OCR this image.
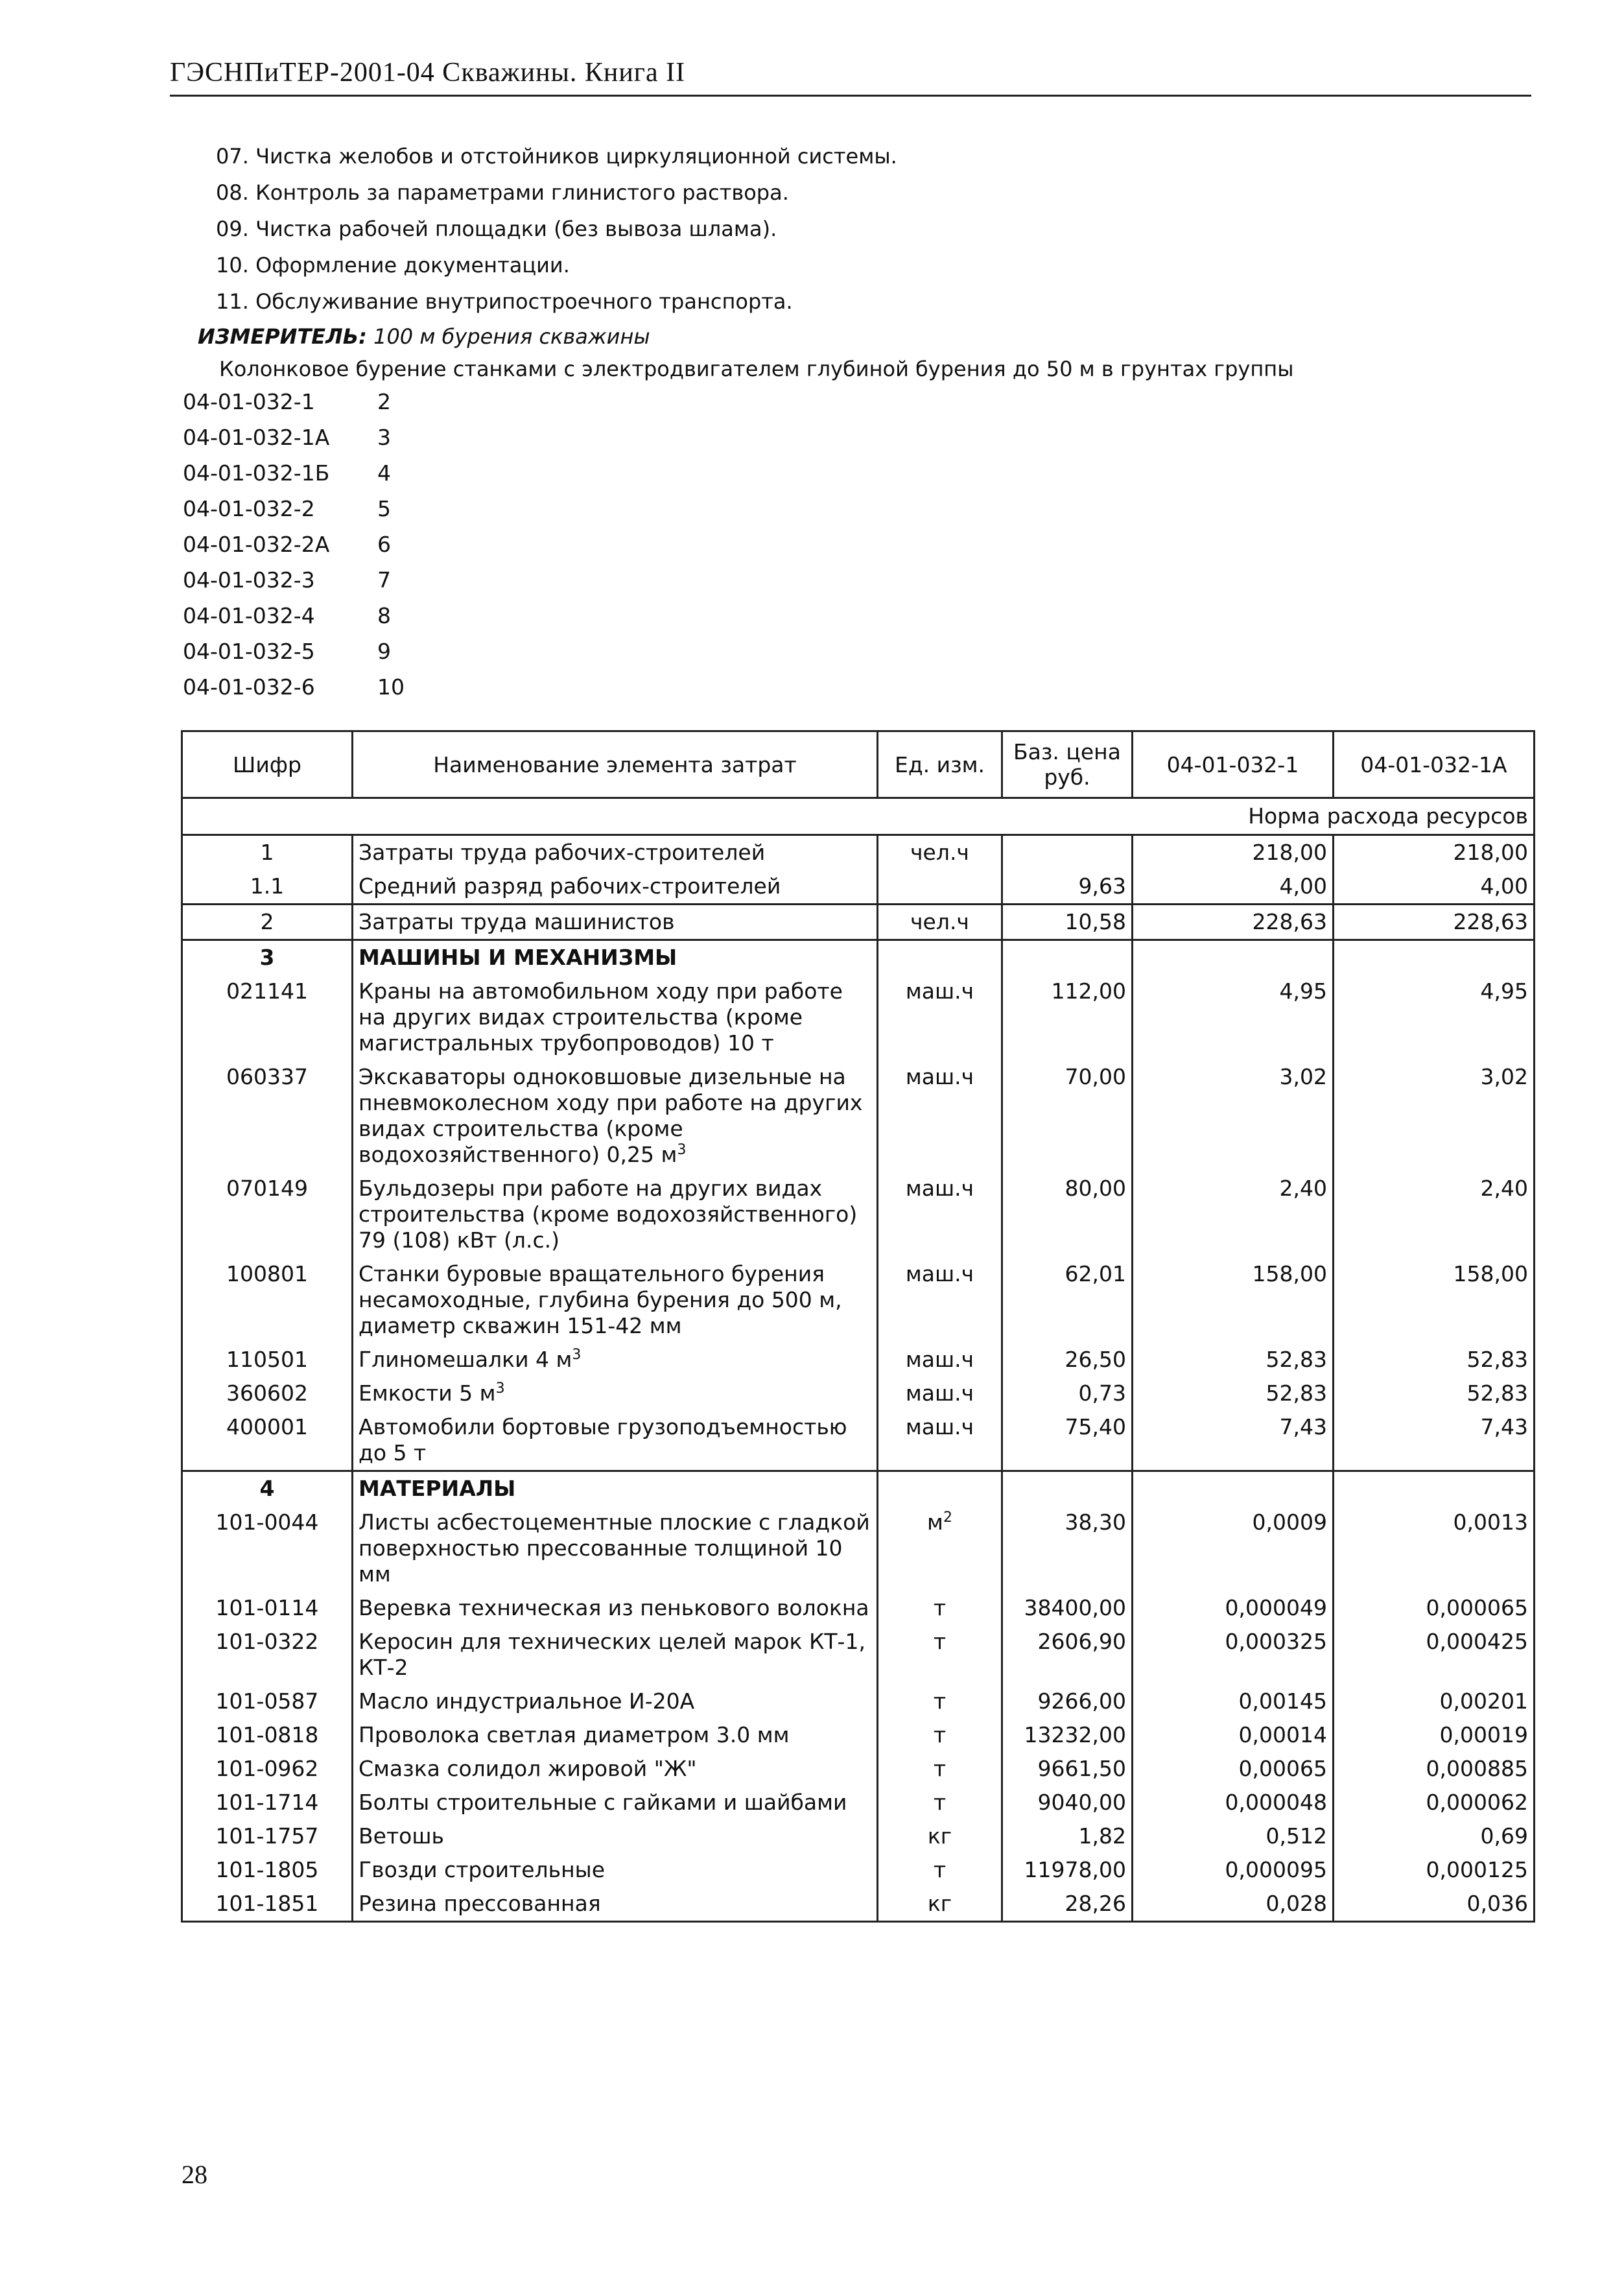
ГЭСНПиТЕР-2001-04 Скважины. Книга II
07. Чистка желобов и отстойников циркуляционной системы.
08. Контроль за параметрами глинистого раствора.
09. Чистка рабочей площадки (без вывоза шлама).
10. Оформление документации.
11. Обслуживание внутрипостроечного транспорта.
ИЗМЕРИТЕЛЬ: 100 м бурения скважины
Колонковое бурение станками с электродвигателем глубиной бурения до 50 м в грунтах группы
04-01-032-1	2
04-01-032-1А	3
04-01-032-1Б	4
04-01-032-2	5
04-01-032-2А	6
04-01-032-3	7
04-01-032-4	8
04-01-032-5	9
04-01-032-6	10
Шифр	Наименование элемента затрат	Ед. изм.	Баз. цена руб.	04-01-032-1	04-01-032-1А
Норма расхода ресурсов					
1	Затраты труда рабочих-строителей	чел.ч		218,00	218,00
1.1	Средний разряд рабочих-строителей		9,63	4,00	4,00
2	Затраты труда машинистов	чел.ч	10,58	228,63	228,63
3	МАШИНЫ И МЕХАНИЗМЫ				
021141	Краны на автомобильном ходу при работе на других видах строительства (кроме магистральных трубопроводов) 10 т	маш.ч	112,00	4,95	4,95
060337	Экскаваторы одноковшовые дизельные на пневмоколесном ходу при работе на других видах строительства (кроме водохозяйственного) 0,25 $м^3$	маш.ч	70,00	3,02	3,02
070149	Бульдозеры при работе на других видах строительства (кроме водохозяйственного) 79 (108) кВт (л.с.)	маш.ч	80,00	2,40	2,40
100801	Станки буровые вращательного бурения несамоходные, глубина бурения до 500 м, диаметр скважин 151-42 мм	маш.ч	62,01	158,00	158,00
110501	Глиномешалки 4 $м^3$	маш.ч	26,50	52,83	52,83
360602	Емкости 5 $м^3$	маш.ч	0,73	52,83	52,83
400001	Автомобили бортовые грузоподъемностью до 5 т	маш.ч	75,40	7,43	7,43
4	МАТЕРИАЛЫ				
101-0044	Листы асбестоцементные плоские с гладкой поверхностью прессованные толщиной 10 мм	$м^2$	38,30	0,0009	0,0013
101-0114	Веревка техническая из пенькового волокна	т	38400,00	0,000049	0,000065
101-0322	Керосин для технических целей марок КТ-1, КТ-2	т	2606,90	0,000325	0,000425
101-0587	Масло индустриальное И-20А	т	9266,00	0,00145	0,00201
101-0818	Проволока светлая диаметром 3.0 мм	т	13232,00	0,00014	0,00019
101-0962	Смазка солидол жировой "Ж"	т	9661,50	0,00065	0,000885
101-1714	Болты строительные с гайками и шайбами	т	9040,00	0,000048	0,000062
101-1757	Ветошь	кг	1,82	0,512	0,69
101-1805	Гвозди строительные	т	11978,00	0,000095	0,000125
101-1851	Резина прессованная	кг	28,26	0,028	0,036
28
